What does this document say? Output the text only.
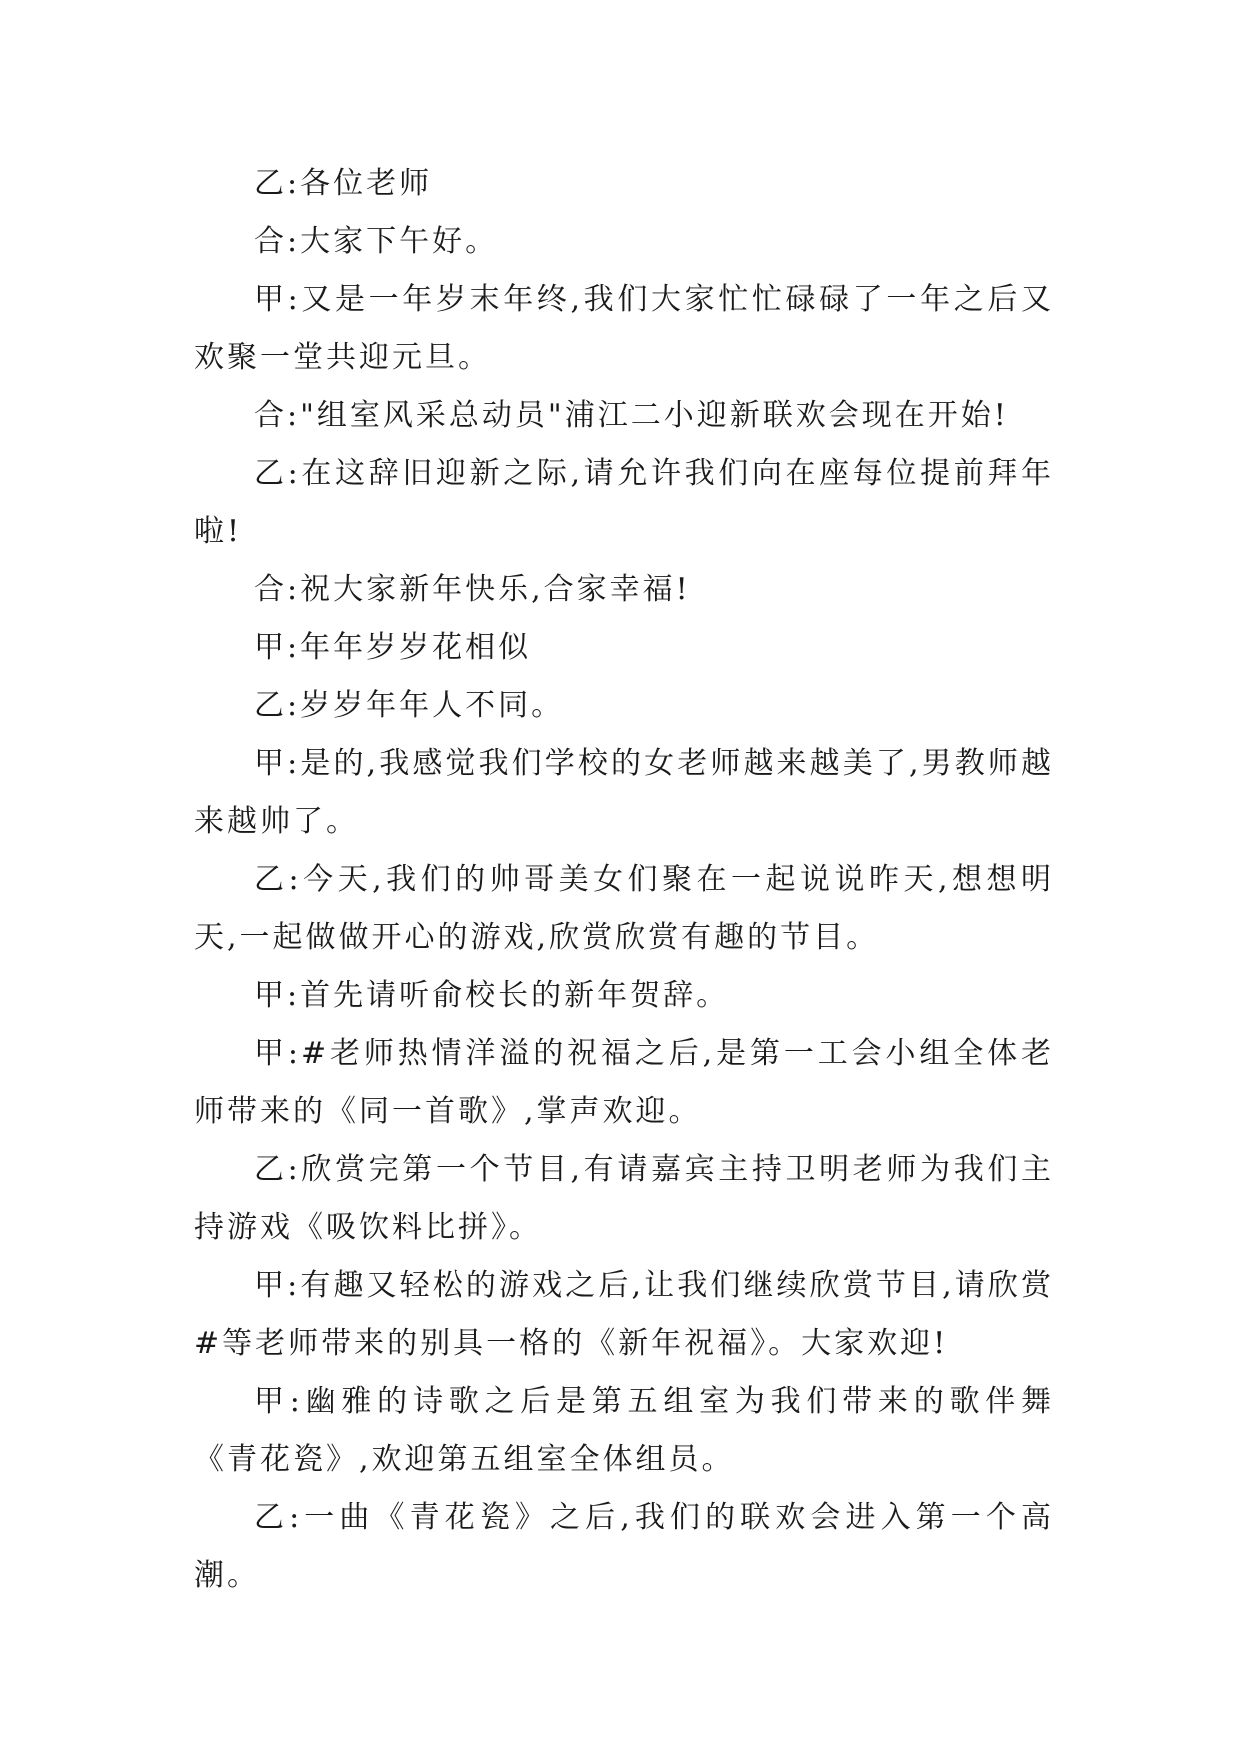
乙:各位老师

合:大家下午好。

甲:又是一年岁末年终,我们大家忙忙碌碌了一年之后又欢聚一堂共迎元旦。

合:"组室风采总动员"浦江二小迎新联欢会现在开始!

乙:在这辞旧迎新之际,请允许我们向在座每位提前拜年啦!

合:祝大家新年快乐,合家幸福!

甲:年年岁岁花相似

乙:岁岁年年人不同。

甲:是的,我感觉我们学校的女老师越来越美了,男教师越来越帅了。

乙:今天,我们的帅哥美女们聚在一起说说昨天,想想明天,一起做做开心的游戏,欣赏欣赏有趣的节目。

甲:首先请听俞校长的新年贺辞。

甲:#老师热情洋溢的祝福之后,是第一工会小组全体老师带来的《同一首歌》,掌声欢迎。

乙:欣赏完第一个节目,有请嘉宾主持卫明老师为我们主持游戏《吸饮料比拼》。

甲:有趣又轻松的游戏之后,让我们继续欣赏节目,请欣赏#等老师带来的别具一格的《新年祝福》。大家欢迎!

甲:幽雅的诗歌之后是第五组室为我们带来的歌伴舞《青花瓷》,欢迎第五组室全体组员。

乙:一曲《青花瓷》之后,我们的联欢会进入第一个高潮。
